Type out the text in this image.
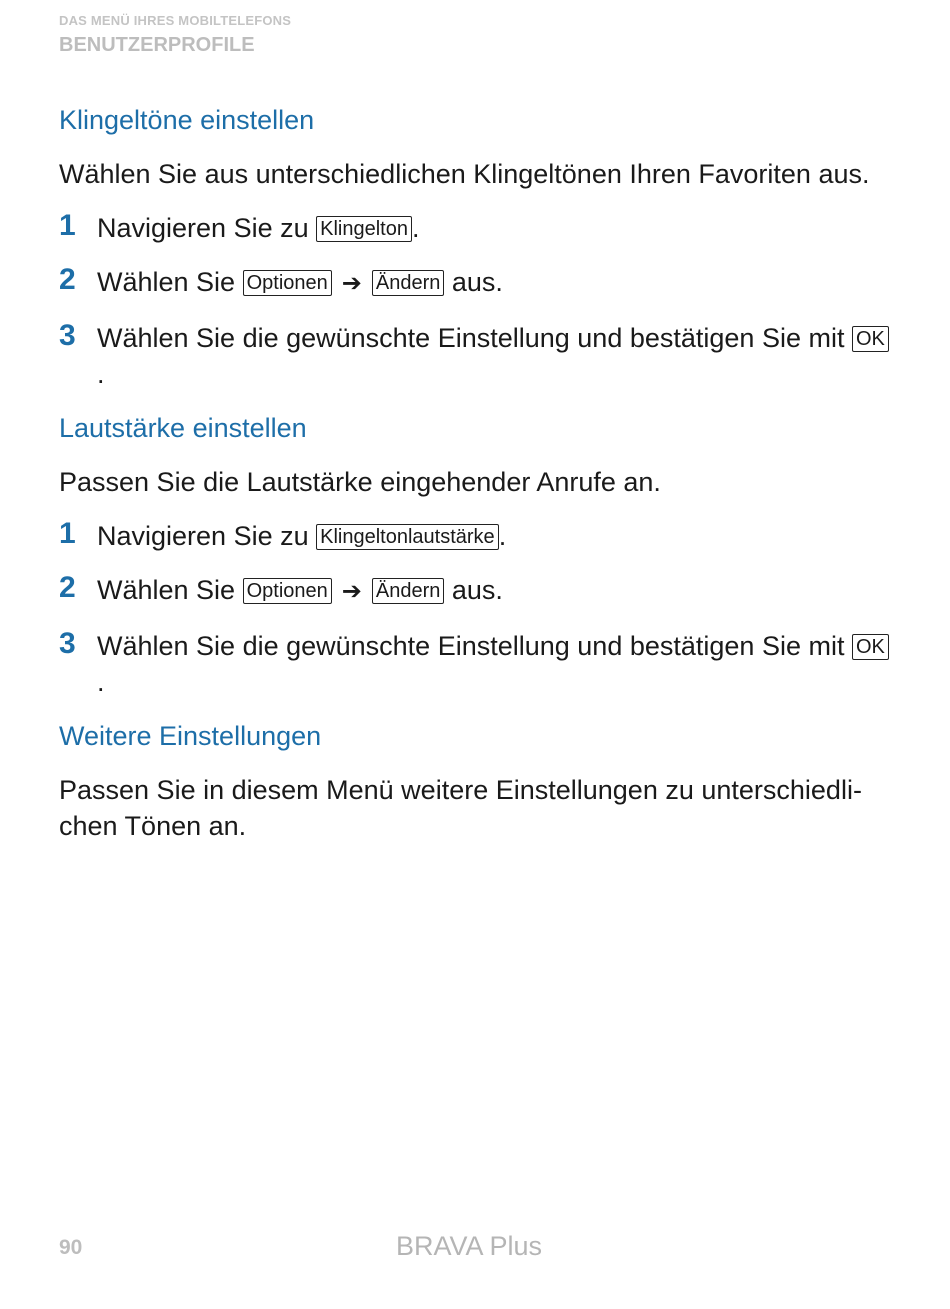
DAS MENÜ IHRES MOBILTELEFONS
BENUTZERPROFILE
Klingeltöne einstellen

Wählen Sie aus unterschiedlichen Klingeltönen Ihren Favoriten aus.

1 Navigieren Sie zu Klingelton .
2 Wählen Sie Optionen ➔ Ändern aus.
3 Wählen Sie die gewünschte Einstellung und bestätigen Sie mit OK.
Lautstärke einstellen

Passen Sie die Lautstärke eingehender Anrufe an.

1 Navigieren Sie zu Klingeltonlautstärke .
2 Wählen Sie Optionen ➔ Ändern aus.
3 Wählen Sie die gewünschte Einstellung und bestätigen Sie mit OK.
Weitere Einstellungen

Passen Sie in diesem Menü weitere Einstellungen zu unterschiedli-chen Tönen an.

90	BRAVA Plus
